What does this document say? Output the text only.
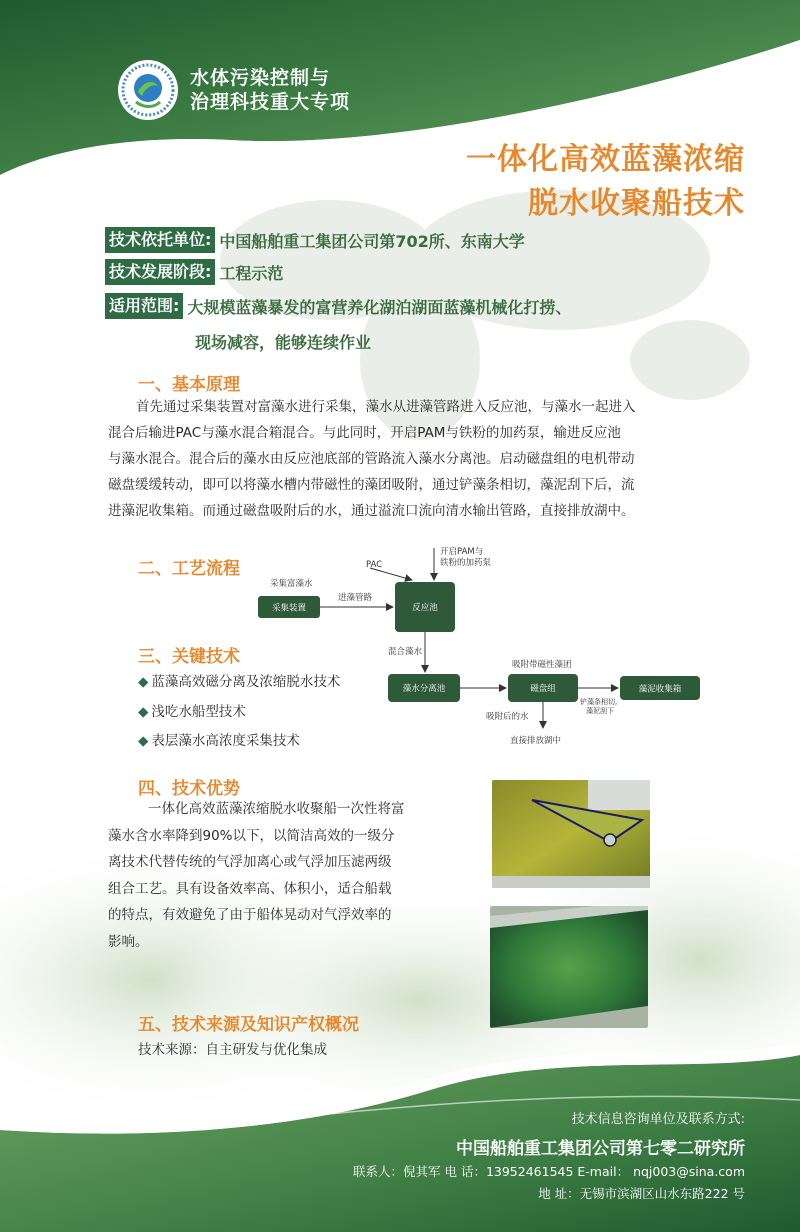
水体污染控制与
治理科技重大专项
一体化高效蓝藻浓缩
脱水收聚船技术
技术依托单位: 中国船舶重工集团公司第702所、东南大学
技术发展阶段: 工程示范
适用范围: 大规模蓝藻暴发的富营养化湖泊湖面蓝藻机械化打捞、
现场减容，能够连续作业
一、基本原理
首先通过采集装置对富藻水进行采集，藻水从进藻管路进入反应池，与藻水一起进入
混合后输进PAC与藻水混合箱混合。与此同时，开启PAM与铁粉的加药泵，输进反应池
与藻水混合。混合后的藻水由反应池底部的管路流入藻水分离池。启动磁盘组的电机带动
磁盘缓缓转动，即可以将藻水槽内带磁性的藻团吸附，通过铲藻条相切，藻泥刮下后，流
进藻泥收集箱。而通过磁盘吸附后的水，通过溢流口流向清水输出管路，直接排放湖中。
二、工艺流程
采集装置	反应池
藻水分离池	磁盘组	藻泥收集箱
采集富藻水
进藻管路
PAC
开启PAM与
铁粉的加药泵
混合藻水
吸附带磁性藻团
铲藻条相切,
藻泥刮下
吸附后的水
直接排放湖中
三、关键技术
◆ 蓝藻高效磁分离及浓缩脱水技术
◆ 浅吃水船型技术
◆ 表层藻水高浓度采集技术
四、技术优势
一体化高效蓝藻浓缩脱水收聚船一次性将富
藻水含水率降到90%以下，以简洁高效的一级分
离技术代替传统的气浮加离心或气浮加压滤两级
组合工艺。具有设备效率高、体积小，适合船载
的特点，有效避免了由于船体晃动对气浮效率的
影响。
五、技术来源及知识产权概况
技术来源：自主研发与优化集成
技术信息咨询单位及联系方式:
中国船舶重工集团公司第七零二研究所
联系人：倪其军 电 话：13952461545 E-mail： nqj003@sina.com
地 址：无锡市滨湖区山水东路222 号
